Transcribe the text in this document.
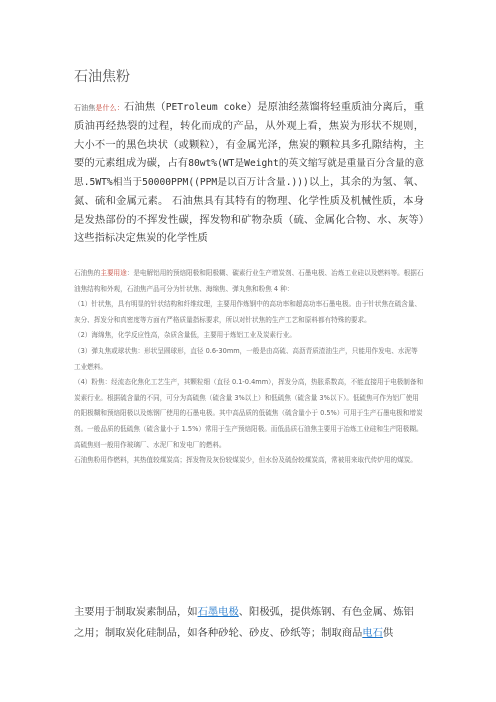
石油焦粉
石油焦是什么：石油焦（PETroleum coke）是原油经蒸馏将轻重质油分离后，重质油再经热裂的过程，转化而成的产品，从外观上看，焦炭为形状不规则，大小不一的黑色块状（或颗粒），有金属光泽，焦炭的颗粒具多孔隙结构，主要的元素组成为碳，占有80wt%(WT是Weight的英文缩写就是重量百分含量的意思.5WT%相当于50000PPM((PPM是以百万计含量.)))以上，其余的为氢、氧、氮、硫和金属元素。 石油焦具有其特有的物理、化学性质及机械性质，本身是发热部份的不挥发性碳，挥发物和矿物杂质（硫、金属化合物、水、灰等）这些指标决定焦炭的化学性质

石油焦的主要用途：是电解铝用的预焙阳极和阳极糊、碳素行业生产增炭剂、石墨电极、冶炼工业硅以及燃料等。根据石油焦结构和外观，石油焦产品可分为针状焦、海绵焦、弹丸焦和粉焦 4 种：

（1）针状焦，具有明显的针状结构和纤维纹理，主要用作炼钢中的高功率和超高功率石墨电极。由于针状焦在硫含量、灰分、挥发分和真密度等方面有严格质量指标要求，所以对针状焦的生产工艺和原料都有特殊的要求。

（2）海绵焦，化学反应性高，杂质含量低，主要用于炼铝工业及炭素行业。

（3）弹丸焦或球状焦：形状呈圆球形，直径 0.6-30mm，一般是由高硫、高沥青质渣油生产，只能用作发电、水泥等工业燃料。

（4）粉焦：经流态化焦化工艺生产，其颗粒细（直径 0.1-0.4mm），挥发分高，热胀系数高，不能直接用于电极制备和炭素行业。根据硫含量的不同，可分为高硫焦（硫含量 3%以上）和低硫焦（硫含量 3%以下）。低硫焦可作为铝厂使用的阳极糊和预焙阳极以及炼钢厂使用的石墨电极。其中高品质的低硫焦（硫含量小于 0.5%）可用于生产石墨电极和增炭剂。一般品质的低硫焦（硫含量小于 1.5%）常用于生产预焙阳极。而低品质石油焦主要用于冶炼工业硅和生产阳极糊。高硫焦则一般用作玻璃厂、水泥厂和发电厂的燃料。

石油焦粉用作燃料，其热值较煤炭高；挥发物及灰份较煤炭少，但水份及硫份较煤炭高，常被用来取代传炉用的煤炭。

主要用于制取炭素制品，如石墨电极、阳极弧，提供炼钢、有色金属、炼铝之用；制取炭化硅制品，如各种砂轮、砂皮、砂纸等；制取商品电石供
